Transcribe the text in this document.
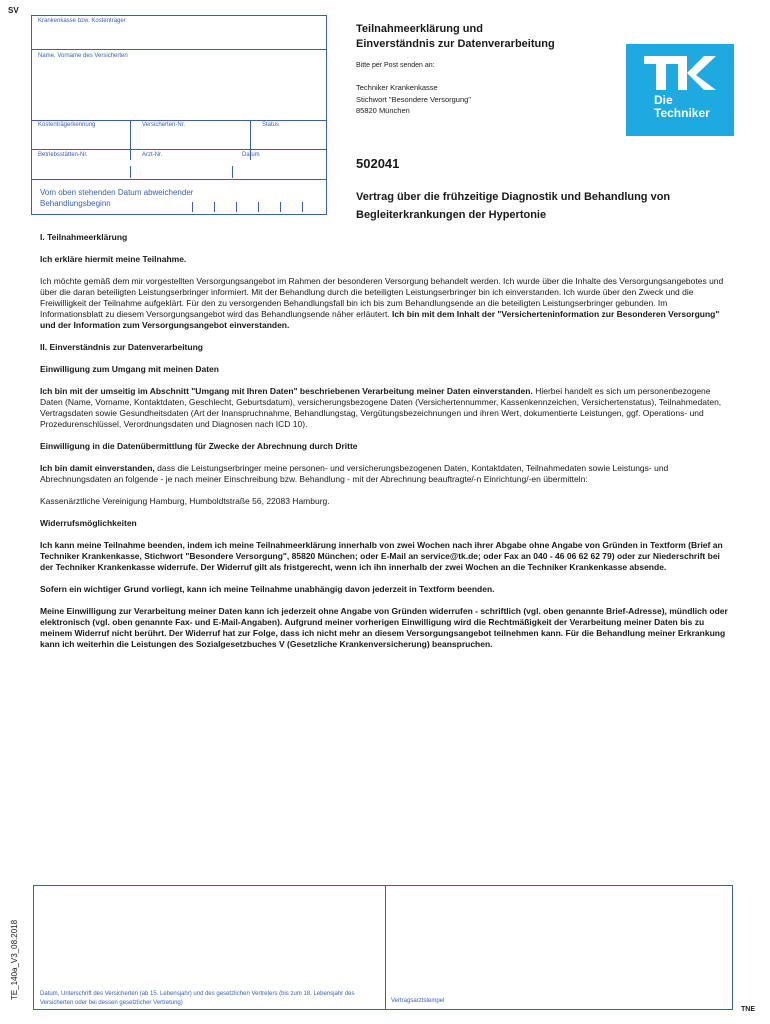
SV
Krankenkasse bzw. Kostenträger
Name, Vorname des Versicherten
Kostenträgerkennung	Versicherten-Nr.	Status
Betriebsstätten-Nr.	Arzt-Nr.	Datum
Vom oben stehenden Datum abweichender Behandlungsbeginn
Teilnahmeerklärung und
Einverständnis zur Datenverarbeitung
Bitte per Post senden an:
Techniker Krankenkasse
Stichwort "Besondere Versorgung"
85820 München
Die
Techniker
502041
Vertrag über die frühzeitige Diagnostik und Behandlung von Begleiterkrankungen der Hypertonie

I. Teilnahmeerklärung

Ich erkläre hiermit meine Teilnahme.

Ich möchte gemäß dem mir vorgestellten Versorgungsangebot im Rahmen der besonderen Versorgung behandelt werden. Ich wurde über die Inhalte des Versorgungsangebotes und über die daran beteiligten Leistungserbringer informiert. Mit der Behandlung durch die beteiligten Leistungserbringer bin ich einverstanden. Ich wurde über den Zweck und die Freiwilligkeit der Teilnahme aufgeklärt. Für den zu versorgenden Behandlungsfall bin ich bis zum Behandlungsende an die beteiligten Leistungserbringer gebunden. Im Informationsblatt zu diesem Versorgungsangebot wird das Behandlungsende näher erläutert. Ich bin mit dem Inhalt der "Versicherteninformation zur Besonderen Versorgung" und der Information zum Versorgungsangebot einverstanden.

II. Einverständnis zur Datenverarbeitung

Einwilligung zum Umgang mit meinen Daten

Ich bin mit der umseitig im Abschnitt "Umgang mit Ihren Daten" beschriebenen Verarbeitung meiner Daten einverstanden. Hierbei handelt es sich um personenbezogene Daten (Name, Vorname, Kontaktdaten, Geschlecht, Geburtsdatum), versicherungsbezogene Daten (Versichertennummer, Kassenkennzeichen, Versichertenstatus), Teilnahmedaten, Vertragsdaten sowie Gesundheitsdaten (Art der Inanspruchnahme, Behandlungstag, Vergütungsbezeichnungen und ihren Wert, dokumentierte Leistungen, ggf. Operations- und Prozedurenschlüssel, Verordnungsdaten und Diagnosen nach ICD 10).

Einwilligung in die Datenübermittlung für Zwecke der Abrechnung durch Dritte

Ich bin damit einverstanden, dass die Leistungserbringer meine personen- und versicherungsbezogenen Daten, Kontaktdaten, Teilnahmedaten sowie Leistungs- und Abrechnungsdaten an folgende - je nach meiner Einschreibung bzw. Behandlung - mit der Abrechnung beauftragte/-n Einrichtung/-en übermitteln:

Kassenärztliche Vereinigung Hamburg, Humboldtstraße 56, 22083 Hamburg.

Widerrufsmöglichkeiten

Ich kann meine Teilnahme beenden, indem ich meine Teilnahmeerklärung innerhalb von zwei Wochen nach ihrer Abgabe ohne Angabe von Gründen in Textform (Brief an Techniker Krankenkasse, Stichwort "Besondere Versorgung", 85820 München; oder E-Mail an service@tk.de; oder Fax an 040 - 46 06 62 62 79) oder zur Niederschrift bei der Techniker Krankenkasse widerrufe. Der Widerruf gilt als fristgerecht, wenn ich ihn innerhalb der zwei Wochen an die Techniker Krankenkasse absende.

Sofern ein wichtiger Grund vorliegt, kann ich meine Teilnahme unabhängig davon jederzeit in Textform beenden.

Meine Einwilligung zur Verarbeitung meiner Daten kann ich jederzeit ohne Angabe von Gründen widerrufen - schriftlich (vgl. oben genannte Brief-Adresse), mündlich oder elektronisch (vgl. oben genannte Fax- und E-Mail-Angaben). Aufgrund meiner vorherigen Einwilligung wird die Rechtmäßigkeit der Verarbeitung meiner Daten bis zu meinem Widerruf nicht berührt. Der Widerruf hat zur Folge, dass ich nicht mehr an diesem Versorgungsangebot teilnehmen kann. Für die Behandlung meiner Erkrankung kann ich weiterhin die Leistungen des Sozialgesetzbuches V (Gesetzliche Krankenversicherung) beanspruchen.

Datum, Unterschrift des Versicherten (ab 15. Lebensjahr) und des gesetzlichen Vertreters (bis zum 18. Lebensjahr des Versicherten oder bei dessen gesetzlicher Vertretung)	Vertragsarztstempel
TE_140a_V3_08.2018
TNE
